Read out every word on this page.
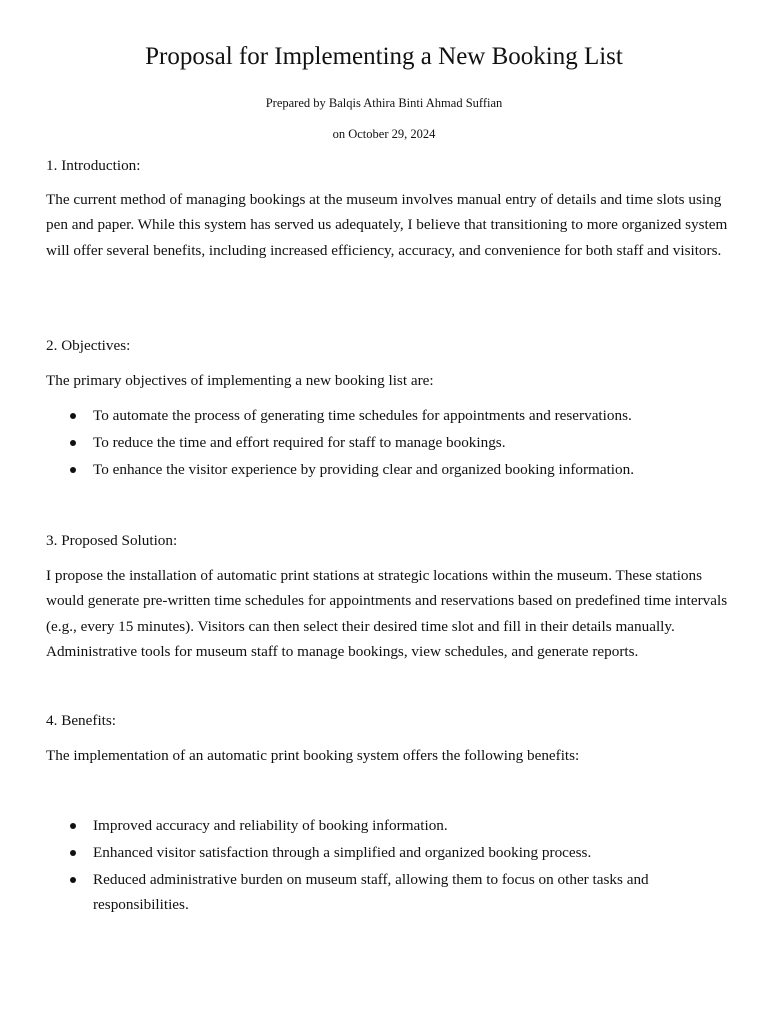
Proposal for Implementing a New Booking List

Prepared by Balqis Athira Binti Ahmad Suffian

on October 29, 2024

1. Introduction:

The current method of managing bookings at the museum involves manual entry of details and time slots using pen and paper. While this system has served us adequately, I believe that transitioning to more organized system will offer several benefits, including increased efficiency, accuracy, and convenience for both staff and visitors.

2. Objectives:

The primary objectives of implementing a new booking list are:

To automate the process of generating time schedules for appointments and reservations.
To reduce the time and effort required for staff to manage bookings.
To enhance the visitor experience by providing clear and organized booking information.

3. Proposed Solution:

I propose the installation of automatic print stations at strategic locations within the museum. These stations would generate pre-written time schedules for appointments and reservations based on predefined time intervals (e.g., every 15 minutes). Visitors can then select their desired time slot and fill in their details manually. Administrative tools for museum staff to manage bookings, view schedules, and generate reports.

4. Benefits:

The implementation of an automatic print booking system offers the following benefits:

Improved accuracy and reliability of booking information.
Enhanced visitor satisfaction through a simplified and organized booking process.
Reduced administrative burden on museum staff, allowing them to focus on other tasks and responsibilities.
